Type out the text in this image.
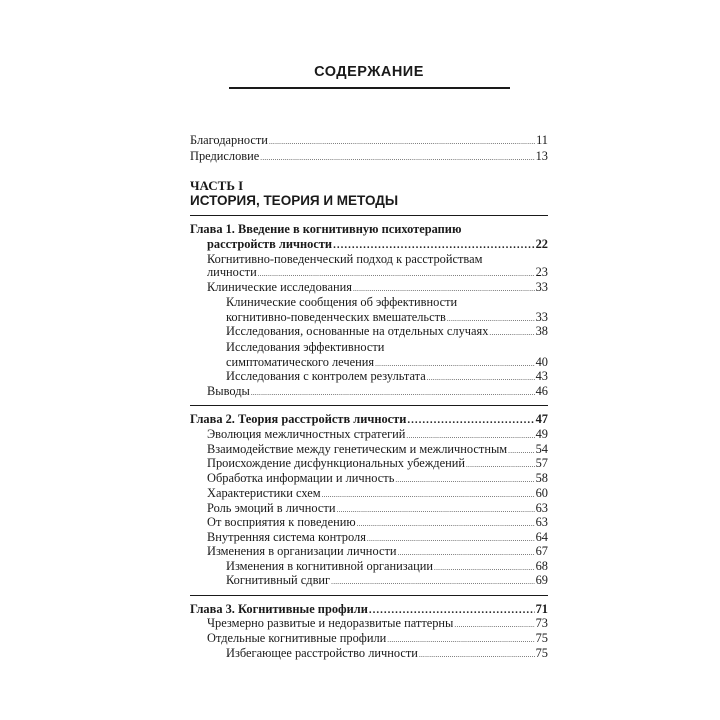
СОДЕРЖАНИЕ
Благодарности .....	11
Предисловие .....	13
ЧАСТЬ I
ИСТОРИЯ, ТЕОРИЯ И МЕТОДЫ
Глава 1. Введение в когнитивную психотерапию
расстройств личности .....	22
Когнитивно-поведенческий подход к расстройствам
личности .....	23
Клинические исследования .....	33
Клинические сообщения об эффективности
когнитивно-поведенческих вмешательств .....	33
Исследования, основанные на отдельных случаях .....	38
Исследования эффективности
симптоматического лечения .....	40
Исследования с контролем результата .....	43
Выводы .....	46
Глава 2. Теория расстройств личности .....	47
Эволюция межличностных стратегий .....	49
Взаимодействие между генетическим и межличностным ..... 54
Происхождение дисфункциональных убеждений .....	57
Обработка информации и личность .....	58
Характеристики схем .....	60
Роль эмоций в личности .....	63
От восприятия к поведению .....	63
Внутренняя система контроля .....	64
Изменения в организации личности .....	67
Изменения в когнитивной организации .....	68
Когнитивный сдвиг .....	69
Глава 3. Когнитивные профили .....	71
Чрезмерно развитые и недоразвитые паттерны .....	73
Отдельные когнитивные профили .....	75
Избегающее расстройство личности .....	75
